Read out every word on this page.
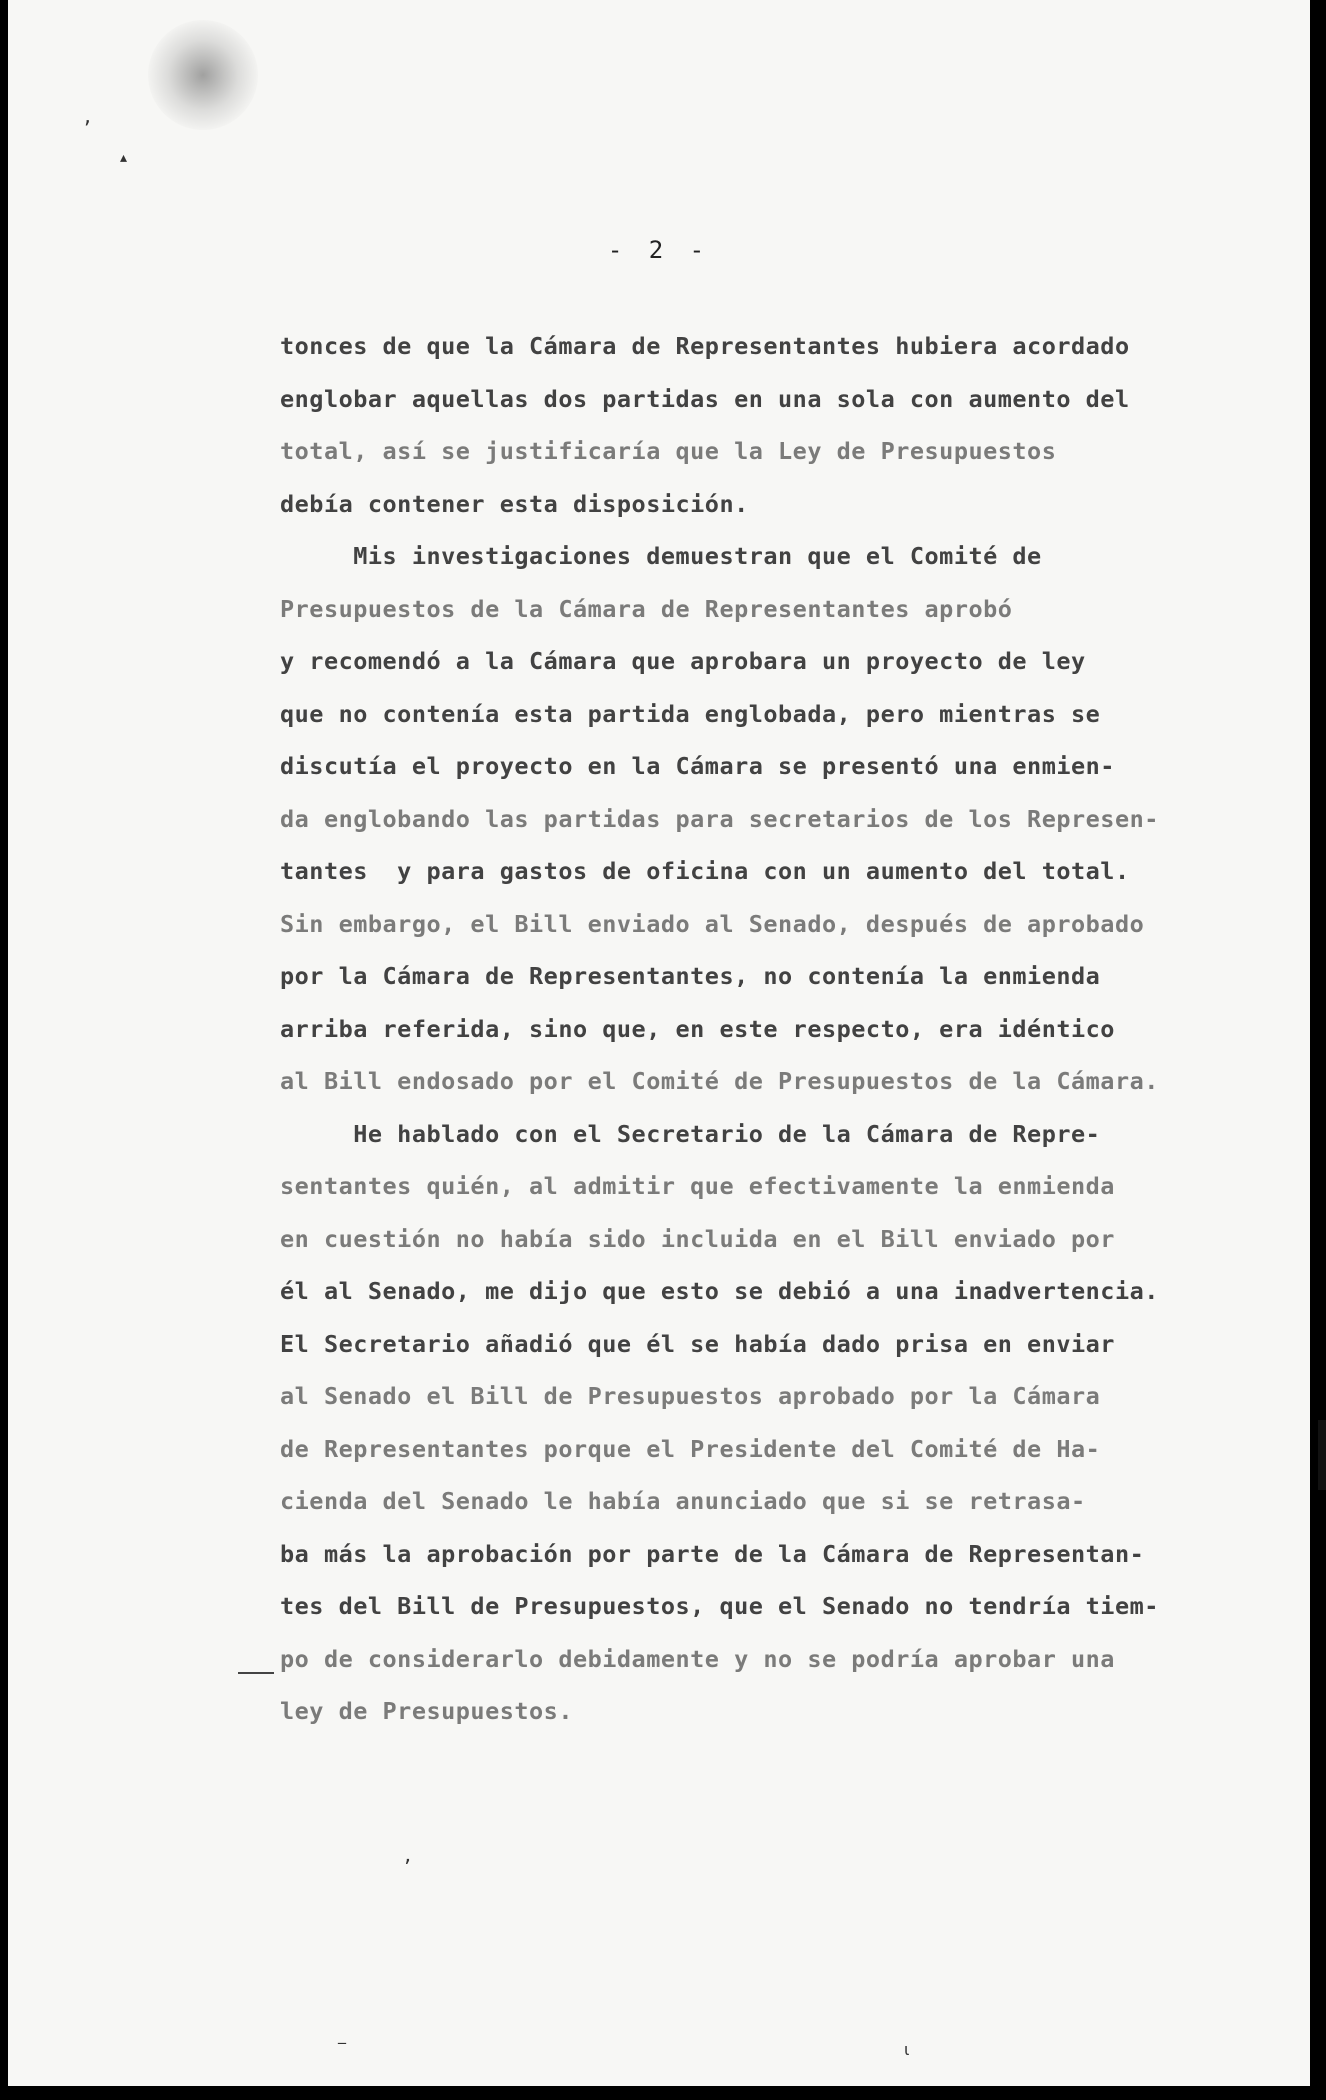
,
▴
- 2 -
tonces de que la Cámara de Representantes hubiera acordado
englobar aquellas dos partidas en una sola con aumento del
total, así se justificaría que la Ley de Presupuestos
debía contener esta disposición.
Mis investigaciones demuestran que el Comité de
Presupuestos de la Cámara de Representantes aprobó
y recomendó a la Cámara que aprobara un proyecto de ley
que no contenía esta partida englobada, pero mientras se
discutía el proyecto en la Cámara se presentó una enmien-
da englobando las partidas para secretarios de los Represen-
tantes  y para gastos de oficina con un aumento del total.
Sin embargo, el Bill enviado al Senado, después de aprobado
por la Cámara de Representantes, no contenía la enmienda
arriba referida, sino que, en este respecto, era idéntico
al Bill endosado por el Comité de Presupuestos de la Cámara.
He hablado con el Secretario de la Cámara de Repre-
sentantes quién, al admitir que efectivamente la enmienda
en cuestión no había sido incluida en el Bill enviado por
él al Senado, me dijo que esto se debió a una inadvertencia.
El Secretario añadió que él se había dado prisa en enviar
al Senado el Bill de Presupuestos aprobado por la Cámara
de Representantes porque el Presidente del Comité de Ha-
cienda del Senado le había anunciado que si se retrasa-
ba más la aprobación por parte de la Cámara de Representan-
tes del Bill de Presupuestos, que el Senado no tendría tiem-
po de considerarlo debidamente y no se podría aprobar una
ley de Presupuestos.
ʼ
‾	ι
